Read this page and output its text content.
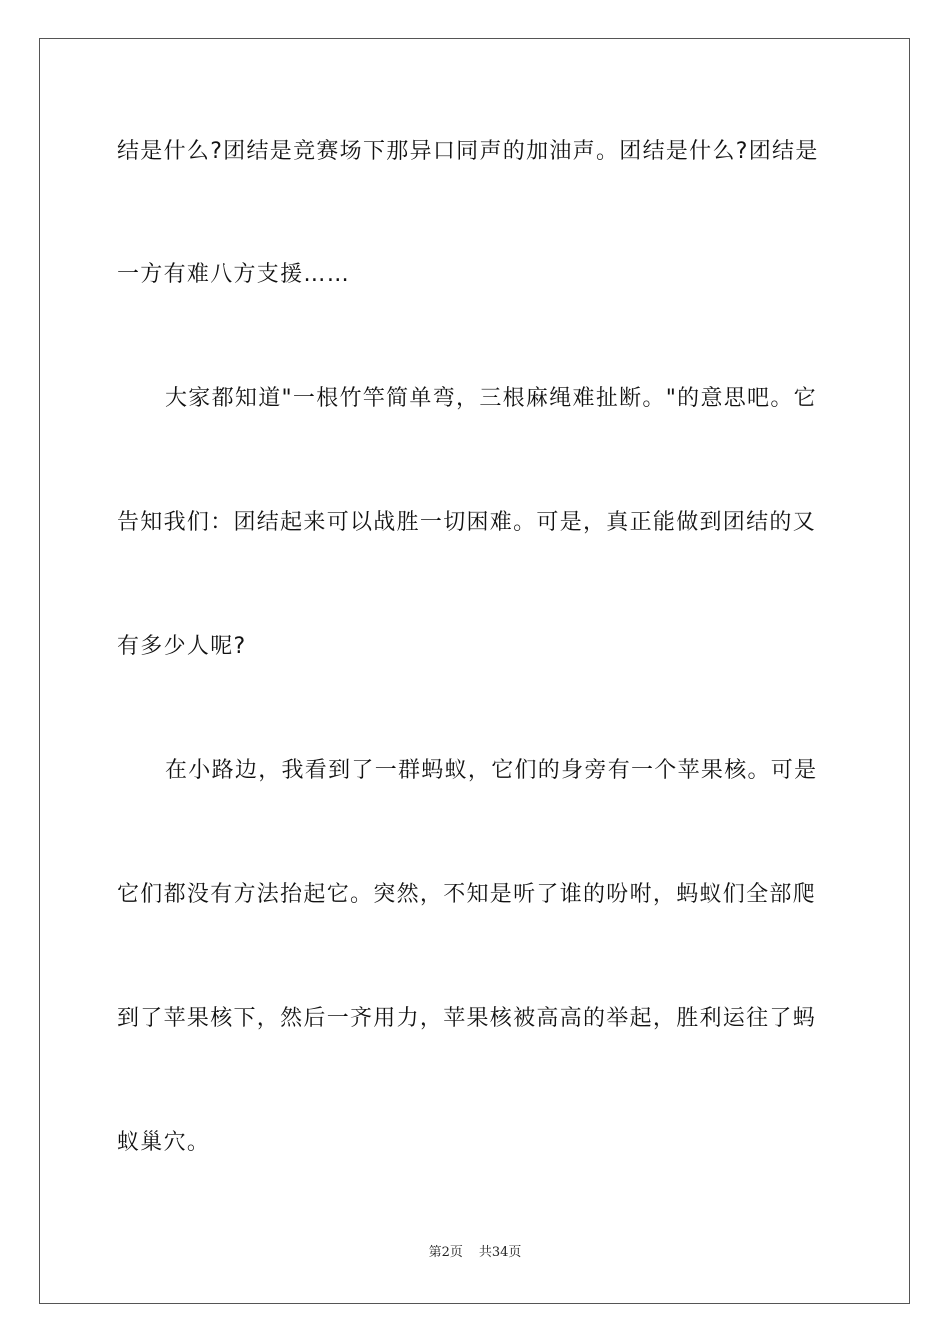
结是什么?团结是竞赛场下那异口同声的加油声。团结是什么?团结是
一方有难八方支援……
大家都知道"一根竹竿简单弯，三根麻绳难扯断。"的意思吧。它
告知我们：团结起来可以战胜一切困难。可是，真正能做到团结的又
有多少人呢?
在小路边，我看到了一群蚂蚁，它们的身旁有一个苹果核。可是
它们都没有方法抬起它。突然，不知是听了谁的吩咐，蚂蚁们全部爬
到了苹果核下，然后一齐用力，苹果核被高高的举起，胜利运往了蚂
蚁巢穴。
第2页 共34页
